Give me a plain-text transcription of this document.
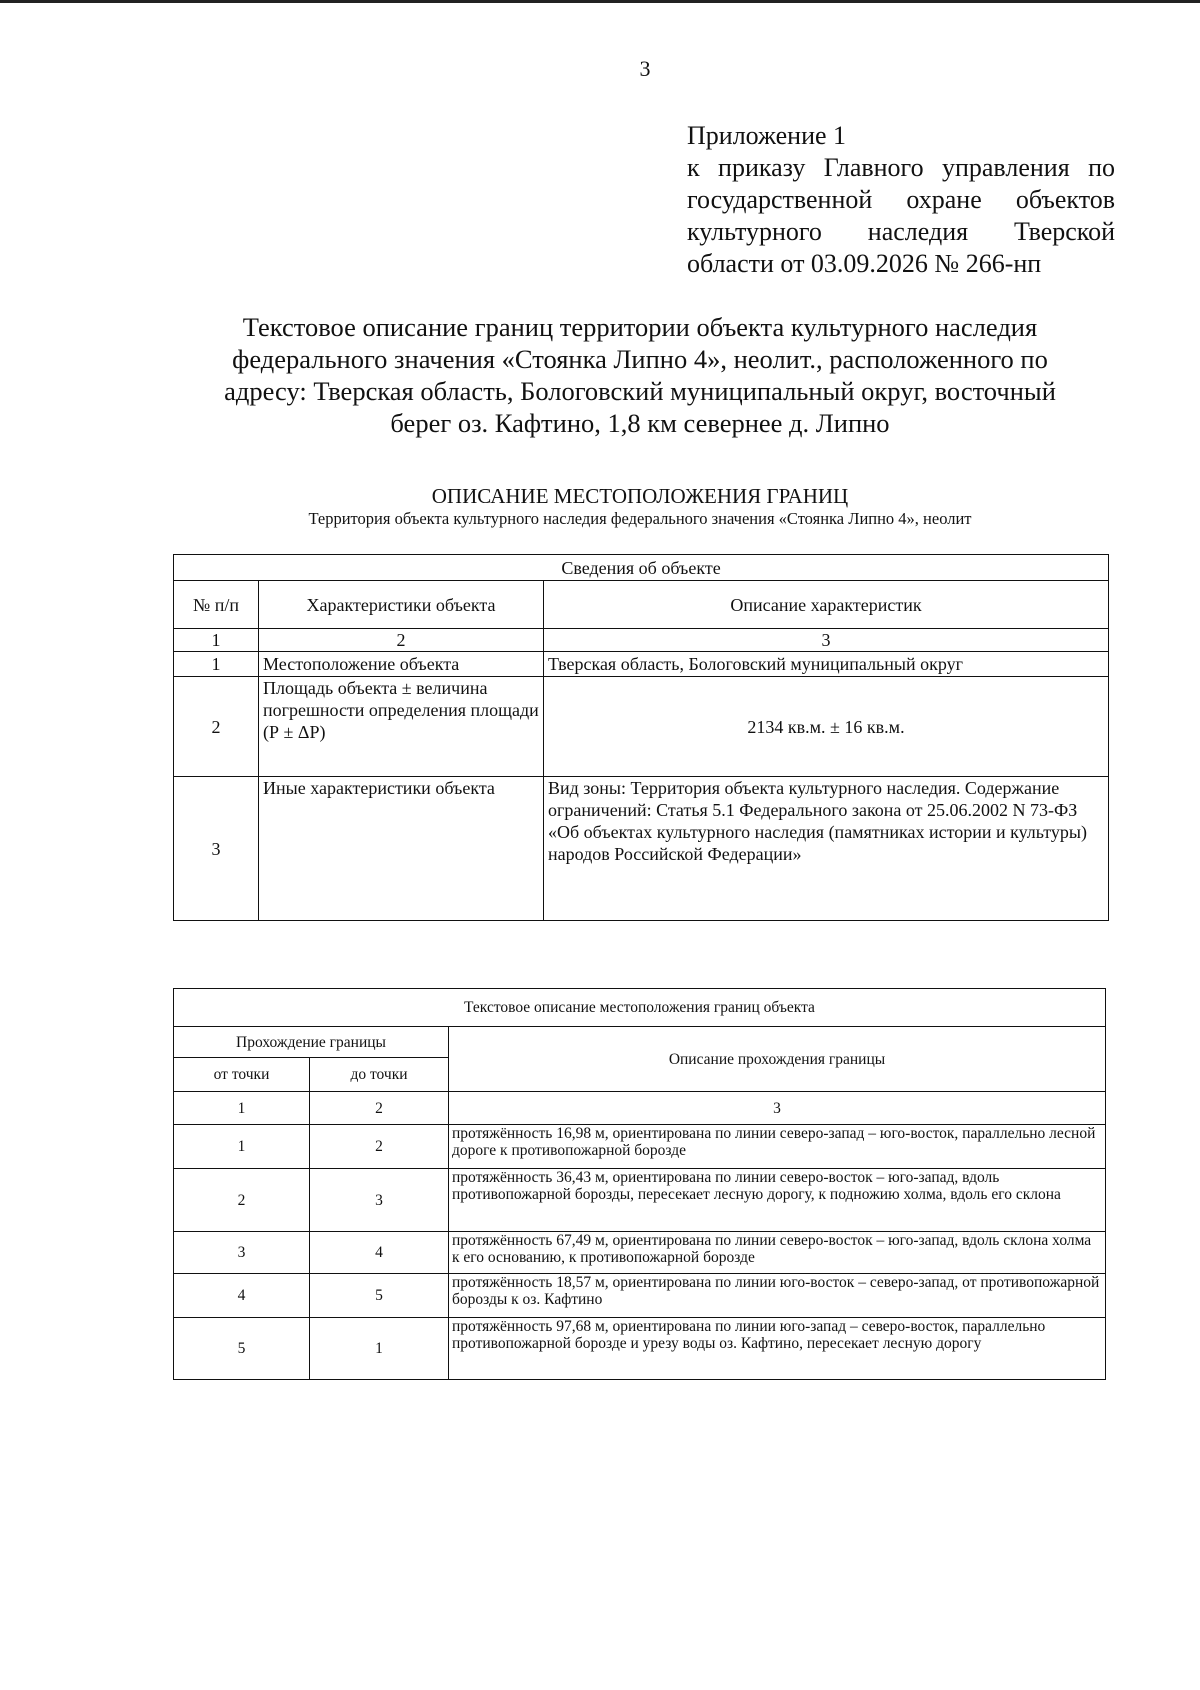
3
Приложение 1
к приказу Главного управления по
государственной охране объектов
культурного наследия Тверской
области от 03.09.2026 № 266-нп
Текстовое описание границ территории объекта культурного наследия
федерального значения «Стоянка Липно 4», неолит., расположенного по
адресу: Тверская область, Бологовский муниципальный округ, восточный
берег оз. Кафтино, 1,8 км севернее д. Липно
ОПИСАНИЕ МЕСТОПОЛОЖЕНИЯ ГРАНИЦ
Территория объекта культурного наследия федерального значения «Стоянка Липно 4», неолит
Сведения об объекте		
№ п/п	Характеристики объекта	Описание характеристик
1	2	3
1	Местоположение объекта	Тверская область, Бологовский муниципальный округ
2	Площадь объекта ± величина погрешности определения площади (Р ± ΔР)	2134 кв.м. ± 16 кв.м.
3	Иные характеристики объекта	Вид зоны: Территория объекта культурного наследия. Содержание ограничений: Статья 5.1 Федерального закона от 25.06.2002 N 73-ФЗ «Об объектах культурного наследия (памятниках истории и культуры) народов Российской Федерации»
Текстовое описание местоположения границ объекта		
Прохождение границы		Описание прохождения границы
от точки	до точки	
1	2	3
1	2	протяжённость 16,98 м, ориентирована по линии северо-запад – юго-восток, параллельно лесной дороге к противопожарной борозде
2	3	протяжённость 36,43 м, ориентирована по линии северо-восток – юго-запад, вдоль противопожарной борозды, пересекает лесную дорогу, к подножию холма, вдоль его склона
3	4	протяжённость 67,49 м, ориентирована по линии северо-восток – юго-запад, вдоль склона холма к его основанию, к противопожарной борозде
4	5	протяжённость 18,57 м, ориентирована по линии юго-восток – северо-запад, от противопожарной борозды к оз. Кафтино
5	1	протяжённость 97,68 м, ориентирована по линии юго-запад – северо-восток, параллельно противопожарной борозде и урезу воды оз. Кафтино, пересекает лесную дорогу
